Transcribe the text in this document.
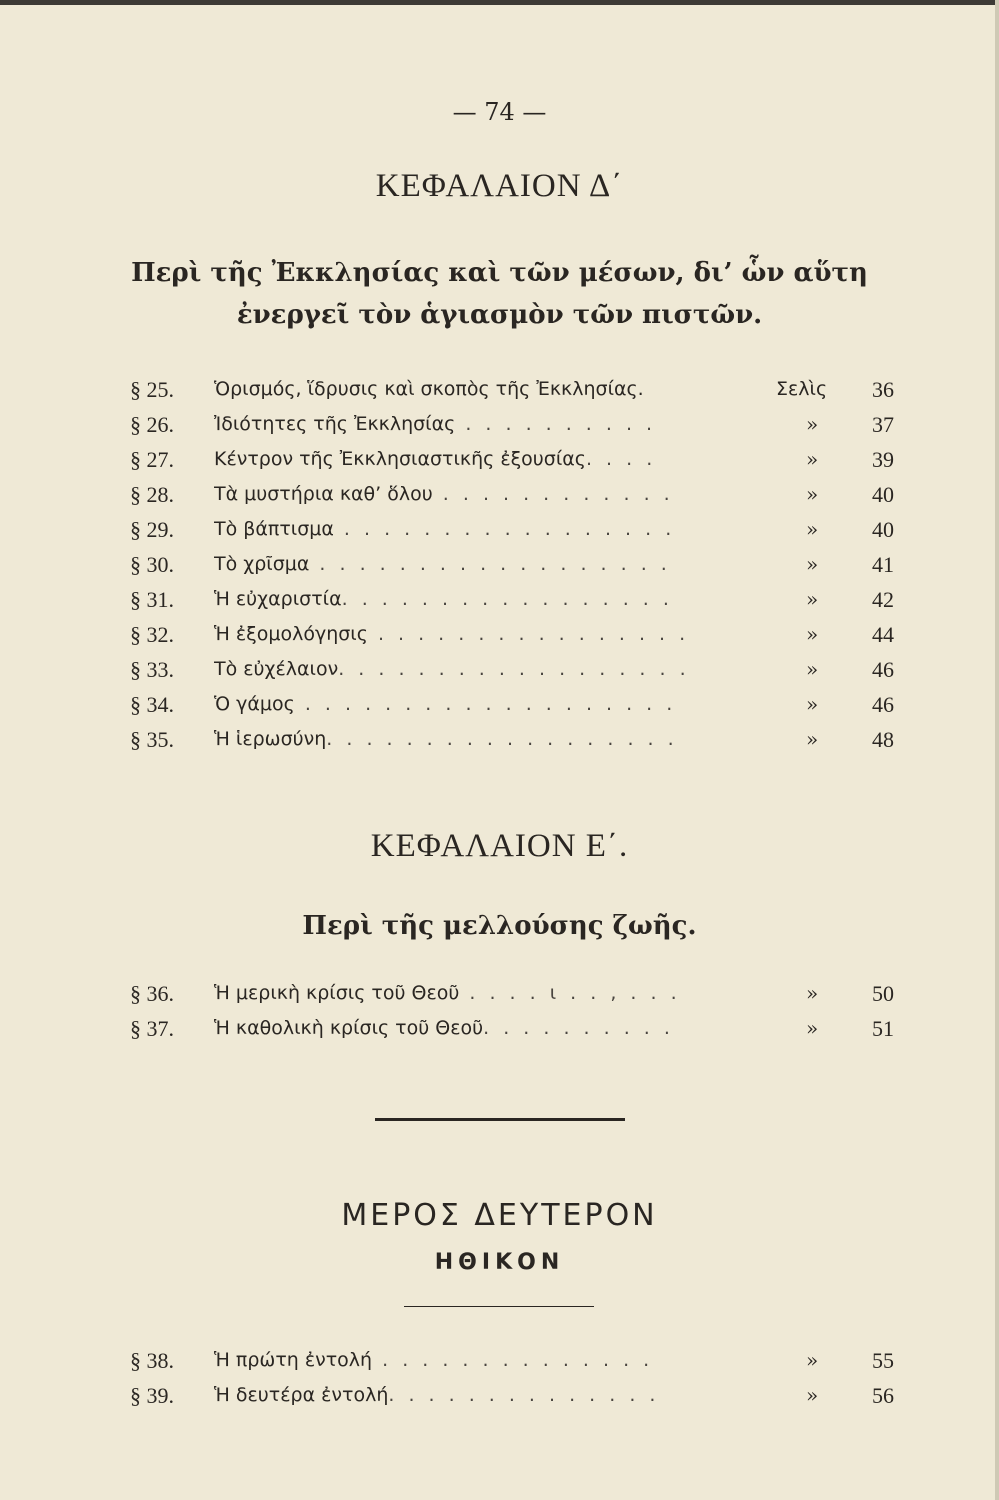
— 74 —
ΚΕΦΑΛΑΙΟΝ Δ΄
Περὶ τῆς Ἐκκλησίας καὶ τῶν μέσων, δι’ ὧν αὕτη
ἐνεργεῖ τὸν ἁγιασμὸν τῶν πιστῶν.
§ 25.	Ὁρισμός, ἵδρυσις καὶ σκοπὸς τῆς Ἐκκλησίας.	Σελὶς	36
§ 26.	Ἰδιότητες τῆς Ἐκκλησίας . . . . . . . . . .	»	37
§ 27.	Κέντρον τῆς Ἐκκλησιαστικῆς ἐξουσίας. . . .	»	39
§ 28.	Τὰ μυστήρια καθ’ ὅλου . . . . . . . . . . . .	»	40
§ 29.	Τὸ βάπτισμα . . . . . . . . . . . . . . . . .	»	40
§ 30.	Τὸ χρῖσμα . . . . . . . . . . . . . . . . . .	»	41
§ 31.	Ἡ εὐχαριστία. . . . . . . . . . . . . . . . .	»	42
§ 32.	Ἡ ἐξομολόγησις . . . . . . . . . . . . . . . .	»	44
§ 33.	Τὸ εὐχέλαιον. . . . . . . . . . . . . . . . . .	»	46
§ 34.	Ὁ γάμος . . . . . . . . . . . . . . . . . . .	»	46
§ 35.	Ἡ ἱερωσύνη. . . . . . . . . . . . . . . . . .	»	48
ΚΕΦΑΛΑΙΟΝ Ε΄.
Περὶ τῆς μελλούσης ζωῆς.
§ 36.	Ἡ μερικὴ κρίσις τοῦ Θεοῦ . . . . ι . . , . . .	»	50
§ 37.	Ἡ καθολικὴ κρίσις τοῦ Θεοῦ. . . . . . . . . .	»	51
ΜΕΡΟΣ ΔΕΥΤΕΡΟΝ
ΗΘΙΚΟΝ
§ 38.	Ἡ πρώτη ἐντολή . . . . . . . . . . . . . .	»	55
§ 39.	Ἡ δευτέρα ἐντολή. . . . . . . . . . . . . .	»	56
